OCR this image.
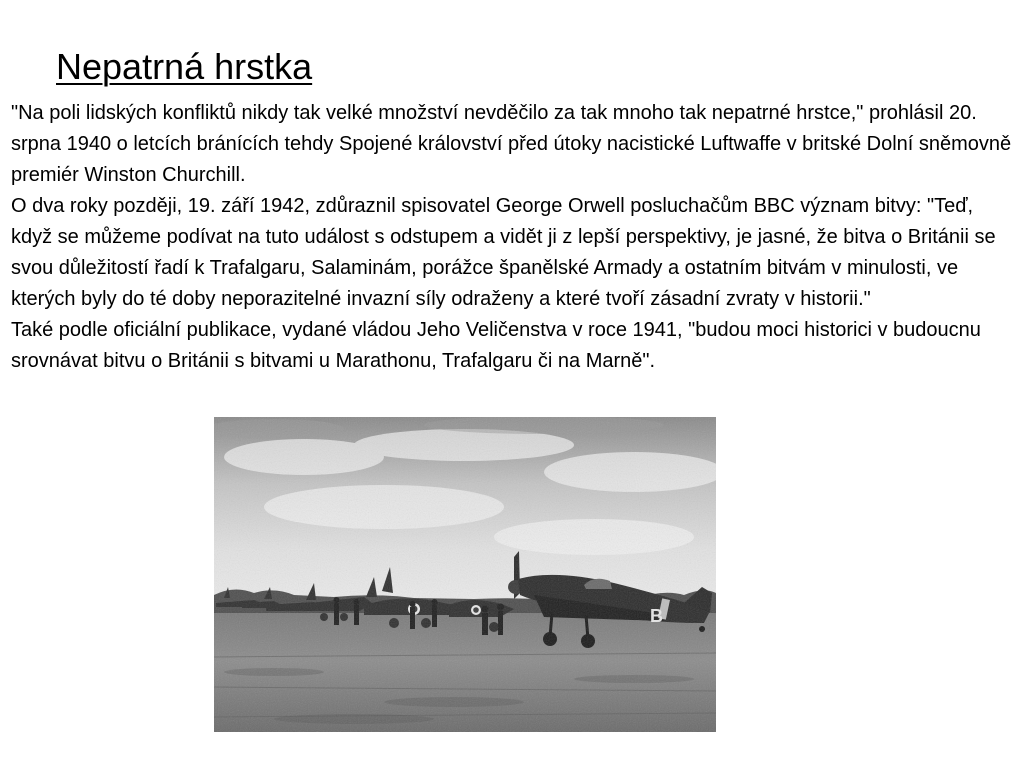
Nepatrná hrstka

"Na poli lidských konfliktů nikdy tak velké množství nevděčilo za tak mnoho tak nepatrné hrstce," prohlásil 20. srpna 1940 o letcích bránících tehdy Spojené království před útoky nacistické Luftwaffe v britské Dolní sněmovně premiér Winston Churchill.

O dva roky později, 19. září 1942, zdůraznil spisovatel George Orwell posluchačům BBC význam bitvy: "Teď, když se můžeme podívat na tuto událost s odstupem a vidět ji z lepší perspektivy, je jasné, že bitva o Británii se svou důležitostí řadí k Trafalgaru, Salaminám, porážce španělské Armady a ostatním bitvám v minulosti, ve kterých byly do té doby neporazitelné invazní síly odraženy a které tvoří zásadní zvraty v historii."

Také podle oficiální publikace, vydané vládou Jeho Veličenstva v roce 1941, "budou moci historici v budoucnu srovnávat bitvu o Británii s bitvami u Marathonu, Trafalgaru či na Marně".
